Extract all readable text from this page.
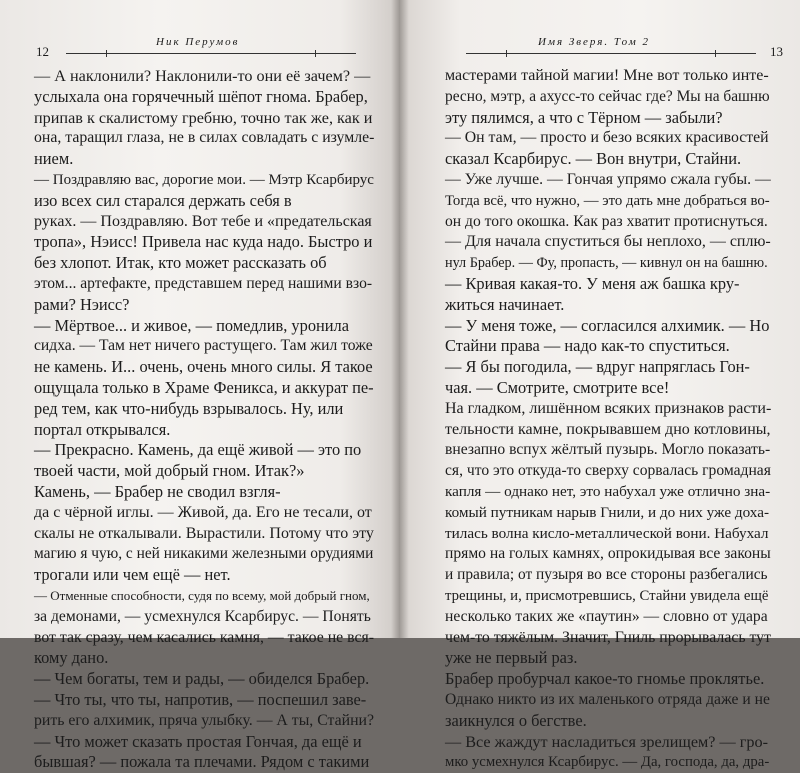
12
Ник Перумов
— А наклонили? Наклонили-то они её зачем? —
услыхала она горячечный шёпот гнома. Брабер,
припав к скалистому гребню, точно так же, как и
она, таращил глаза, не в силах совладать с изумле-
нием.
— Поздравляю вас, дорогие мои. — Мэтр Ксарбирус
изо всех сил старался держать себя в
руках. — Поздравляю. Вот тебе и «предательская
тропа», Нэисс! Привела нас куда надо. Быстро и
без хлопот. Итак, кто может рассказать об
этом... артефакте, представшем перед нашими взо-
рами? Нэисс?
— Мёртвое... и живое, — помедлив, уронила
сидха. — Там нет ничего растущего. Там жил тоже
не камень. И... очень, очень много силы. Я такое
ощущала только в Храме Феникса, и аккурат пе-
ред тем, как что-нибудь взрывалось. Ну, или
портал открывался.
— Прекрасно. Камень, да ещё живой — это по
твоей части, мой добрый гном. Итак?»
Камень, — Брабер не сводил взгля-
да с чёрной иглы. — Живой, да. Его не тесали, от
скалы не откалывали. Вырастили. Потому что эту
магию я чую, с ней никакими железными орудиями
трогали или чем ещё — нет.
— Отменные способности, судя по всему, мой добрый гном,
за демонами, — усмехнулся Ксарбирус. — Понять
вот так сразу, чем касались камня, — такое не вся-
кому дано.
— Чем богаты, тем и рады, — обиделся Брабер.
— Что ты, что ты, напротив, — поспешил заве-
рить его алхимик, пряча улыбку. — А ты, Стайни?
— Что может сказать простая Гончая, да ещё и
бывшая? — пожала та плечами. Рядом с такими
Имя Зверя. Том 2
13
мастерами тайной магии! Мне вот только инте-
ресно, мэтр, а ахусс-то сейчас где? Мы на башню
эту пялимся, а что с Тёрном — забыли?
— Он там, — просто и безо всяких красивостей
сказал Ксарбирус. — Вон внутри, Стайни.
— Уже лучше. — Гончая упрямо сжала губы. —
Тогда всё, что нужно, — это дать мне добраться во-
он до того окошка. Как раз хватит протиснуться.
— Для начала спуститься бы неплохо, — сплю-
нул Брабер. — Фу, пропасть, — кивнул он на башню.
— Кривая какая-то. У меня аж башка кру-
житься начинает.
— У меня тоже, — согласился алхимик. — Но
Стайни права — надо как-то спуститься.
— Я бы погодила, — вдруг напряглась Гон-
чая. — Смотрите, смотрите все!
На гладком, лишённом всяких признаков расти-
тельности камне, покрывавшем дно котловины,
внезапно вспух жёлтый пузырь. Могло показать-
ся, что это откуда-то сверху сорвалась громадная
капля — однако нет, это набухал уже отлично зна-
комый путникам нарыв Гнили, и до них уже доха-
тилась волна кисло-металлической вони. Набухал
прямо на голых камнях, опрокидывая все законы
и правила; от пузыря во все стороны разбегались
трещины, и, присмотревшись, Стайни увидела ещё
несколько таких же «паутин» — словно от удара
чем-то тяжёлым. Значит, Гниль прорывалась тут
уже не первый раз.
Брабер пробурчал какое-то гномье проклятье.
Однако никто из их маленького отряда даже и не
заикнулся о бегстве.
— Все жаждут насладиться зрелищем? — гро-
мко усмехнулся Ксарбирус. — Да, господа, да, дра-
